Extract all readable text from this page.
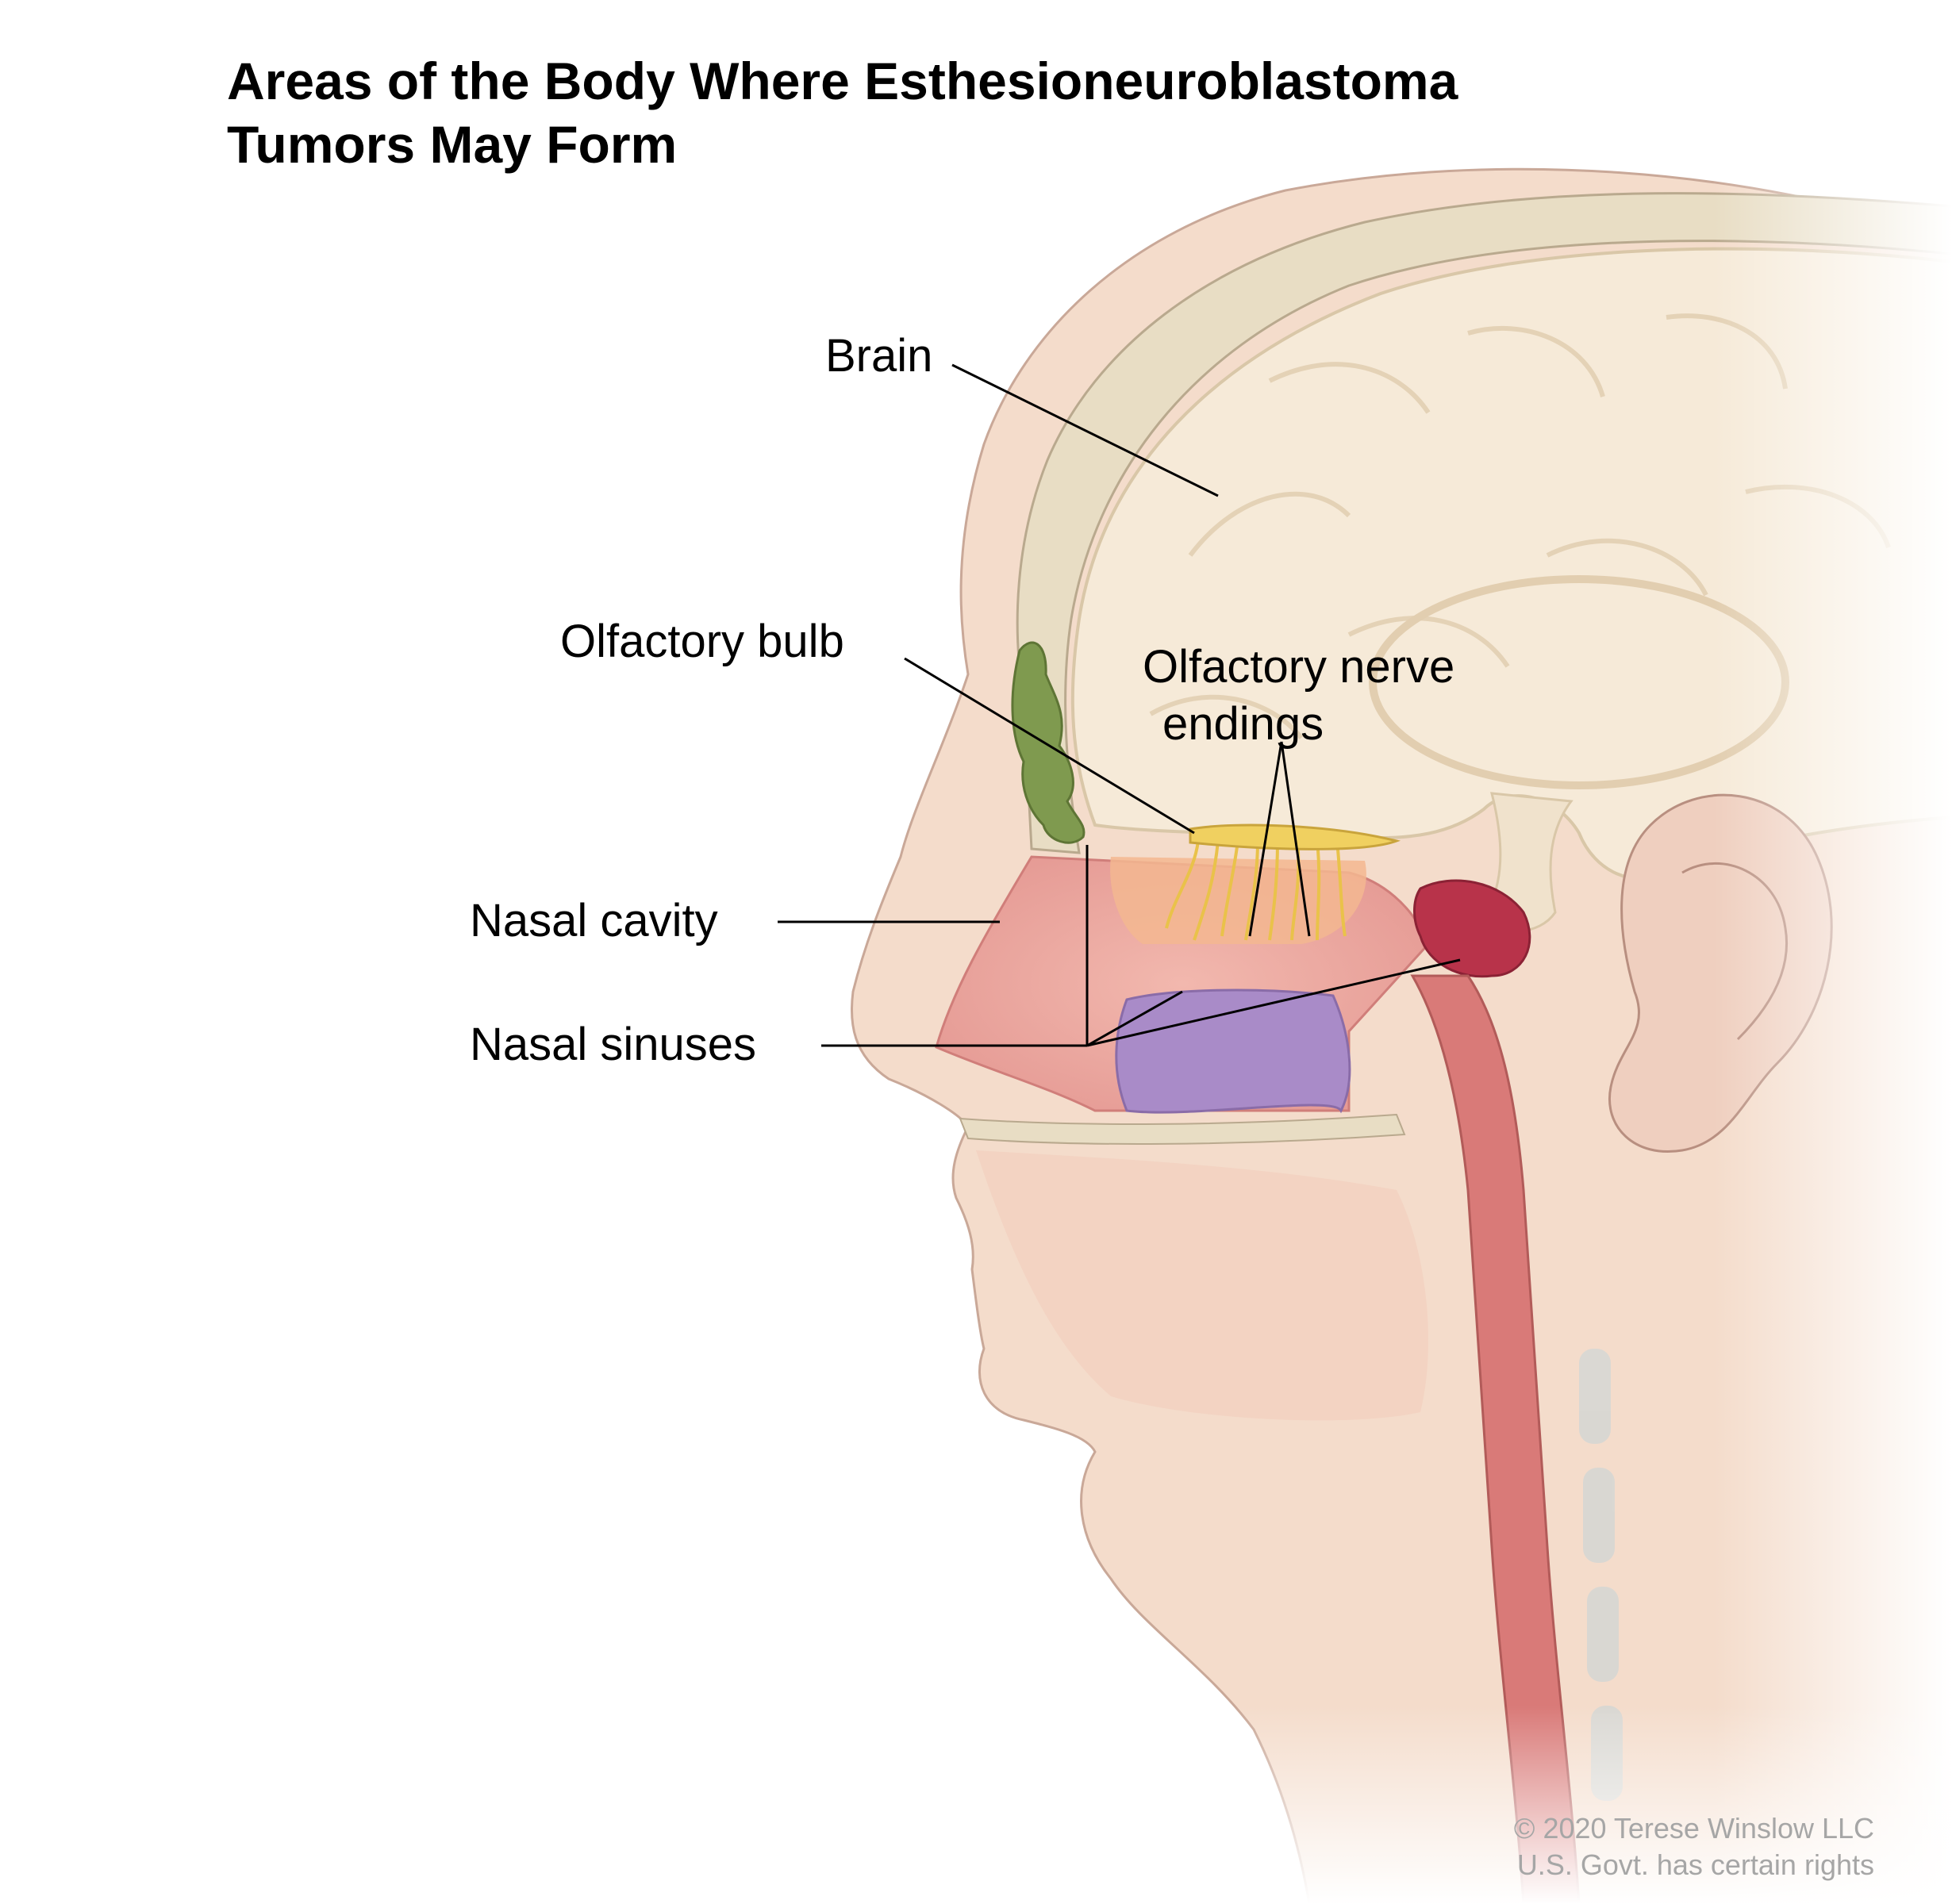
Areas of the Body Where Esthesioneuroblastoma
Tumors May Form
Brain
Olfactory bulb	Olfactory nerve
endings
Nasal cavity
Nasal sinuses
© 2020 Terese Winslow LLC
U.S. Govt. has certain rights
